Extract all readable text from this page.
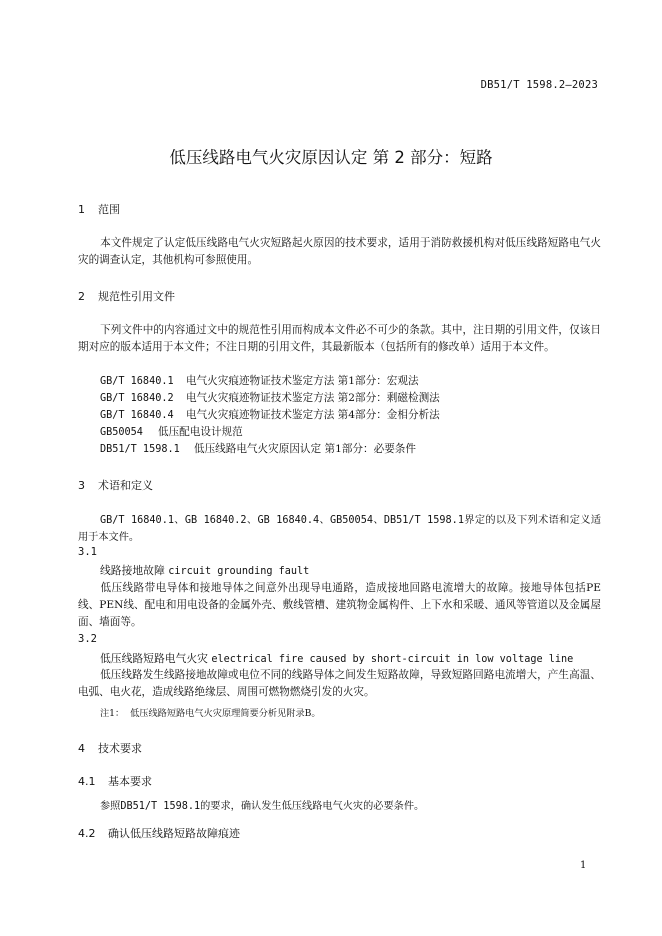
DB51/T 1598.2—2023
低压线路电气火灾原因认定 第 2 部分：短路
1 范围
本文件规定了认定低压线路电气火灾短路起火原因的技术要求，适用于消防救援机构对低压线路短路电气火灾的调查认定，其他机构可参照使用。
2 规范性引用文件
下列文件中的内容通过文中的规范性引用而构成本文件必不可少的条款。其中，注日期的引用文件，仅该日期对应的版本适用于本文件；不注日期的引用文件，其最新版本（包括所有的修改单）适用于本文件。
GB/T 16840.1 电气火灾痕迹物证技术鉴定方法 第1部分：宏观法
GB/T 16840.2 电气火灾痕迹物证技术鉴定方法 第2部分：剩磁检测法
GB/T 16840.4 电气火灾痕迹物证技术鉴定方法 第4部分：金相分析法
GB50054 低压配电设计规范
DB51/T 1598.1 低压线路电气火灾原因认定 第1部分：必要条件
3 术语和定义
GB/T 16840.1、GB 16840.2、GB 16840.4、GB50054、DB51/T 1598.1界定的以及下列术语和定义适用于本文件。
3.1
线路接地故障 circuit grounding fault
低压线路带电导体和接地导体之间意外出现导电通路，造成接地回路电流增大的故障。接地导体包括PE线、PEN线、配电和用电设备的金属外壳、敷线管槽、建筑物金属构件、上下水和采暖、通风等管道以及金属屋面、墙面等。
3.2
低压线路短路电气火灾 electrical fire caused by short-circuit in low voltage line
低压线路发生线路接地故障或电位不同的线路导体之间发生短路故障，导致短路回路电流增大，产生高温、电弧、电火花，造成线路绝缘层、周围可燃物燃烧引发的火灾。
注1： 低压线路短路电气火灾原理简要分析见附录B。
4 技术要求
4.1 基本要求
参照DB51/T 1598.1的要求，确认发生低压线路电气火灾的必要条件。
4.2 确认低压线路短路故障痕迹
1
